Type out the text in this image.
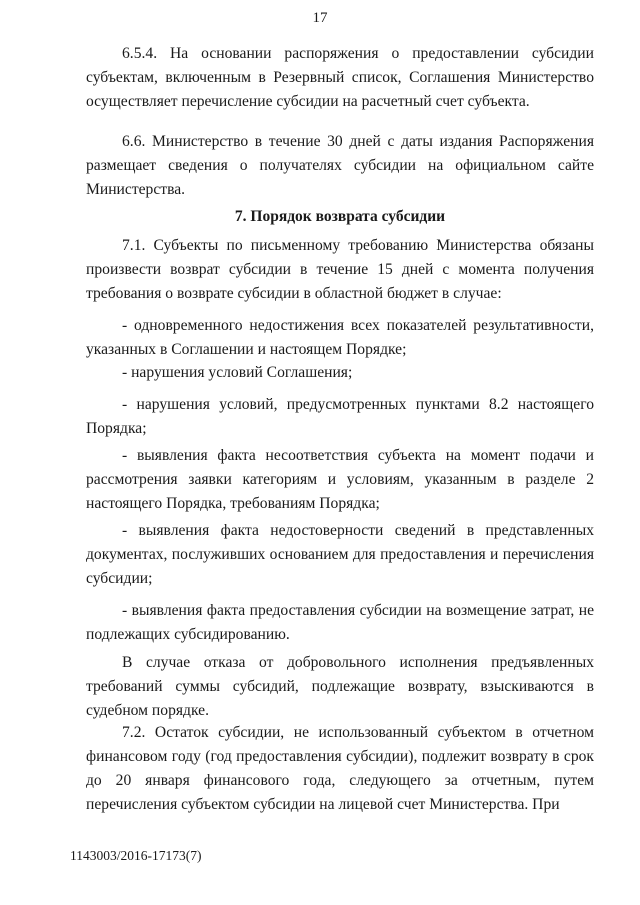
17
6.5.4. На основании распоряжения о предоставлении субсидии субъектам, включенным в Резервный список, Соглашения Министерство осуществляет перечисление субсидии на расчетный счет субъекта.
6.6. Министерство в течение 30 дней с даты издания Распоряжения размещает сведения о получателях субсидии на официальном сайте Министерства.
7. Порядок возврата субсидии
7.1. Субъекты по письменному требованию Министерства обязаны произвести возврат субсидии в течение 15 дней с момента получения требования о возврате субсидии в областной бюджет в случае:
- одновременного недостижения всех показателей результативности, указанных в Соглашении и настоящем Порядке;
- нарушения условий Соглашения;
- нарушения условий, предусмотренных пунктами 8.2 настоящего Порядка;
- выявления факта несоответствия субъекта на момент подачи и рассмотрения заявки категориям и условиям, указанным в разделе 2 настоящего Порядка, требованиям Порядка;
- выявления факта недостоверности сведений в представленных документах, послуживших основанием для предоставления и перечисления субсидии;
- выявления факта предоставления субсидии на возмещение затрат, не подлежащих субсидированию.
В случае отказа от добровольного исполнения предъявленных требований суммы субсидий, подлежащие возврату, взыскиваются в судебном порядке.
7.2. Остаток субсидии, не использованный субъектом в отчетном финансовом году (год предоставления субсидии), подлежит возврату в срок до 20 января финансового года, следующего за отчетным, путем перечисления субъектом субсидии на лицевой счет Министерства. При
1143003/2016-17173(7)
